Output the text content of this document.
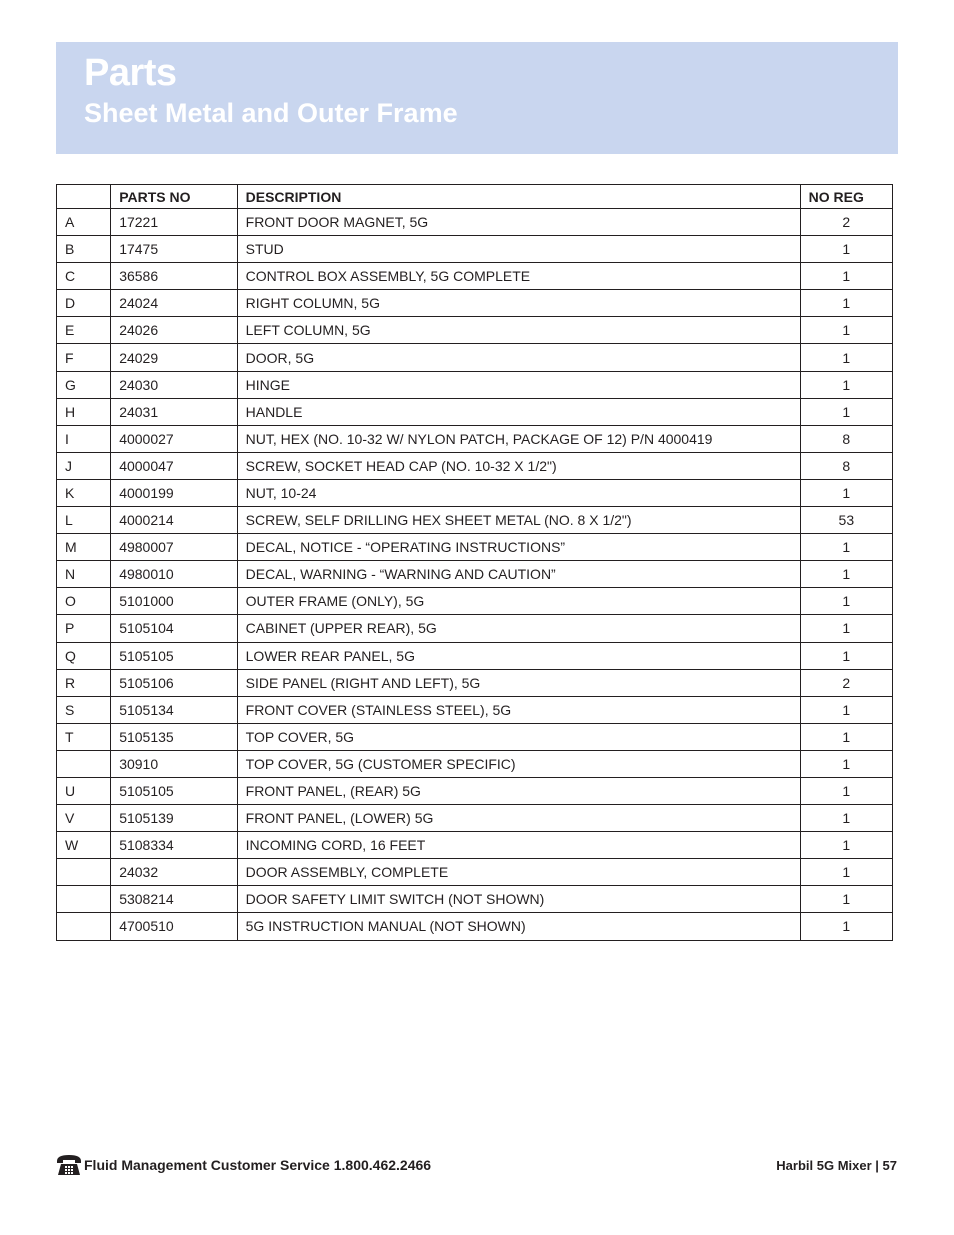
Parts
Sheet Metal and Outer Frame
	PARTS NO	DESCRIPTION	NO REG
A	17221	FRONT DOOR MAGNET, 5G	2
B	17475	STUD	1
C	36586	CONTROL BOX ASSEMBLY, 5G COMPLETE	1
D	24024	RIGHT COLUMN, 5G	1
E	24026	LEFT COLUMN, 5G	1
F	24029	DOOR, 5G	1
G	24030	HINGE	1
H	24031	HANDLE	1
I	4000027	NUT, HEX (NO. 10-32 W/ NYLON PATCH, PACKAGE OF 12) P/N 4000419	8
J	4000047	SCREW, SOCKET HEAD CAP (NO. 10-32 X 1/2")	8
K	4000199	NUT, 10-24	1
L	4000214	SCREW, SELF DRILLING HEX SHEET METAL (NO. 8 X 1/2")	53
M	4980007	DECAL, NOTICE - “OPERATING INSTRUCTIONS”	1
N	4980010	DECAL, WARNING - “WARNING AND CAUTION”	1
O	5101000	OUTER FRAME (ONLY), 5G	1
P	5105104	CABINET (UPPER REAR), 5G	1
Q	5105105	LOWER REAR PANEL, 5G	1
R	5105106	SIDE PANEL (RIGHT AND LEFT), 5G	2
S	5105134	FRONT COVER (STAINLESS STEEL), 5G	1
T	5105135	TOP COVER, 5G	1
	30910	TOP COVER, 5G (CUSTOMER SPECIFIC)	1
U	5105105	FRONT PANEL, (REAR) 5G	1
V	5105139	FRONT PANEL, (LOWER) 5G	1
W	5108334	INCOMING CORD, 16 FEET	1
	24032	DOOR ASSEMBLY, COMPLETE	1
	5308214	DOOR SAFETY LIMIT SWITCH (NOT SHOWN)	1
	4700510	5G INSTRUCTION MANUAL (NOT SHOWN)	1
Fluid Management Customer Service 1.800.462.2466	Harbil 5G Mixer | 57
